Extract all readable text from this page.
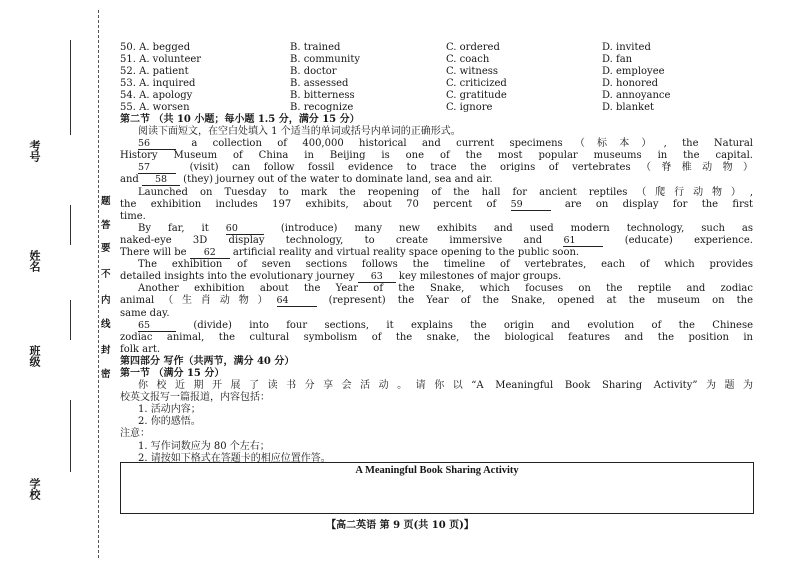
考号
姓名
班级
学校
题
答
要
不
内
线
封
密
50. A. begged	B. trained	C. ordered	D. invited
51. A. volunteer	B. community	C. coach	D. fan
52. A. patient	B. doctor	C. witness	D. employee
53. A. inquired	B. assessed	C. criticized	D. honored
54. A. apology	B. bitterness	C. gratitude	D. annoyance
55. A. worsen	B. recognize	C. ignore	D. blanket
第二节 （共 10 小题；每小题 1.5 分，满分 15 分）
阅读下面短文，在空白处填入 1 个适当的单词或括号内单词的正确形式。
56	a collection of 400,000 historical and current specimens（标本）, the Natural
History Museum of China in Beijing is one of the most popular museums in the capital.
57	(visit) can follow fossil evidence to trace the origins of vertebrates（脊椎动物）
and 58 (they) journey out of the water to dominate land, sea and air.
Launched on Tuesday to mark the reopening of the hall for ancient reptiles（爬行动物）,
the exhibition includes 197 exhibits, about 70 percent of 59	are on display for the first
time.
By far, it 60	(introduce) many new exhibits and used modern technology, such as
naked-eye 3D display technology, to create immersive and 61	(educate) experience.
There will be 62 artificial reality and virtual reality space opening to the public soon.
The exhibition of seven sections follows the timeline of vertebrates, each of which provides
detailed insights into the evolutionary journey 63 key milestones of major groups.
Another exhibition about the Year of the Snake, which focuses on the reptile and zodiac
animal（生肖动物）64	(represent) the Year of the Snake, opened at the museum on the
same day.
65	(divide) into four sections, it explains the origin and evolution of the Chinese
zodiac animal, the cultural symbolism of the snake, the biological features and the position in
folk art.
第四部分 写作（共两节，满分 40 分）
第一节 （满分 15 分）
你校近期开展了读书分享会活动。请你以“A Meaningful Book Sharing Activity”为题为
校英文报写一篇报道，内容包括：
1. 活动内容；
2. 你的感悟。
注意：
1. 写作词数应为 80 个左右；
2. 请按如下格式在答题卡的相应位置作答。
A Meaningful Book Sharing Activity
【高二英语 第 9 页(共 10 页)】
